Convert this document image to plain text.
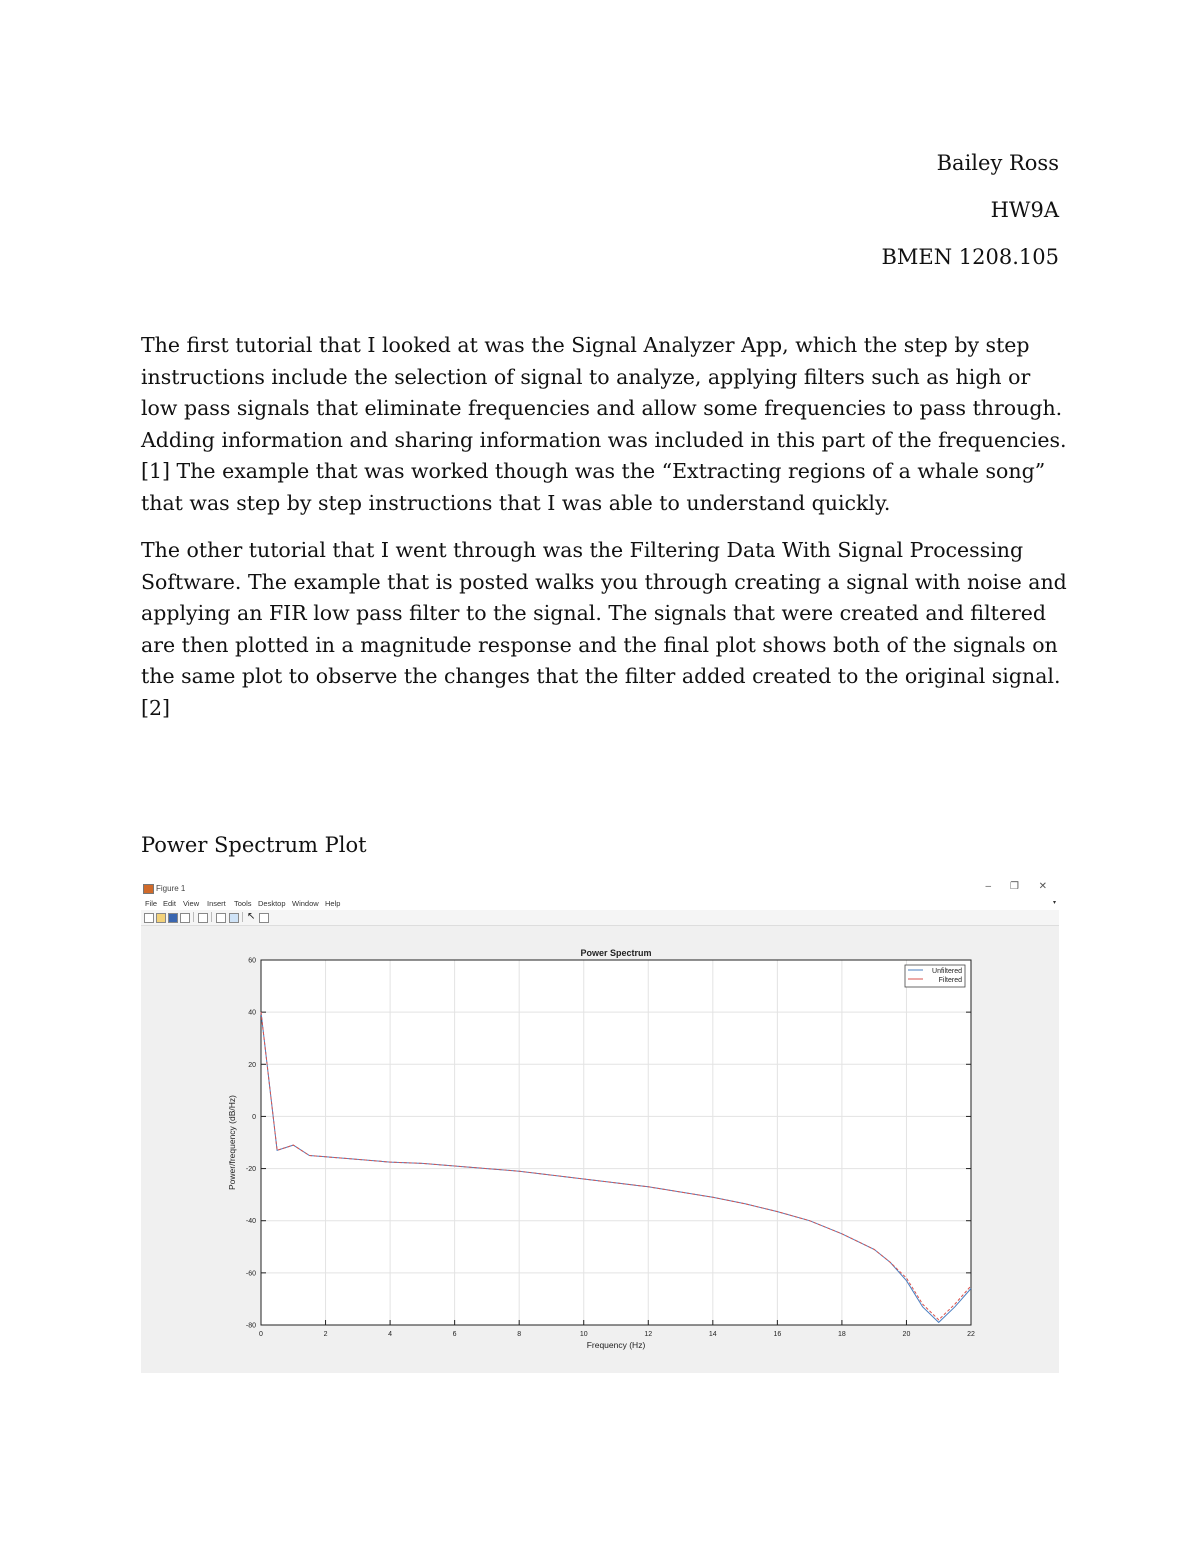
Bailey Ross
HW9A
BMEN 1208.105

The first tutorial that I looked at was the Signal Analyzer App, which the step by step instructions include the selection of signal to analyze, applying filters such as high or low pass signals that eliminate frequencies and allow some frequencies to pass through. Adding information and sharing information was included in this part of the frequencies. [1] The example that was worked though was the “Extracting regions of a whale song” that was step by step instructions that I was able to understand quickly.

The other tutorial that I went through was the Filtering Data With Signal Processing Software. The example that is posted walks you through creating a signal with noise and applying an FIR low pass filter to the signal. The signals that were created and filtered are then plotted in a magnitude response and the final plot shows both of the signals on the same plot to observe the changes that the filter added created to the original signal. [2]

Power Spectrum Plot
Figure 1	– ❐ ✕
File Edit View Insert Tools Desktop Window Help	▾
↖
0	2	4	6	8	10	12	14	16	18	20	22
-80
-60
-40
-20
0
20
40
60
Power Spectrum
Frequency (Hz)
Power/frequency (dB/Hz)
Unfiltered
Filtered
